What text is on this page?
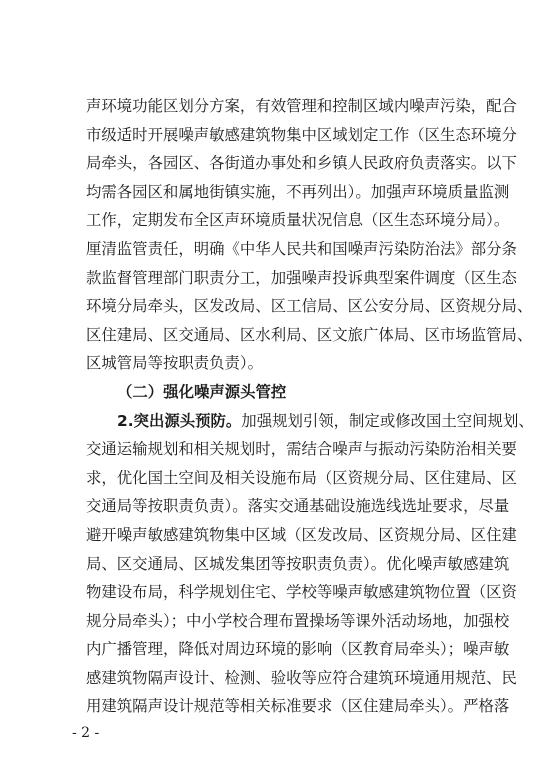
声环境功能区划分方案，有效管理和控制区域内噪声污染，配合
市级适时开展噪声敏感建筑物集中区域划定工作（区生态环境分
局牵头，各园区、各街道办事处和乡镇人民政府负责落实。以下
均需各园区和属地街镇实施，不再列出）。加强声环境质量监测
工作，定期发布全区声环境质量状况信息（区生态环境分局）。
厘清监管责任，明确《中华人民共和国噪声污染防治法》部分条
款监督管理部门职责分工，加强噪声投诉典型案件调度（区生态
环境分局牵头，区发改局、区工信局、区公安分局、区资规分局、
区住建局、区交通局、区水利局、区文旅广体局、区市场监管局、
区城管局等按职责负责）。
（二）强化噪声源头管控
2.突出源头预防。加强规划引领，制定或修改国土空间规划、
交通运输规划和相关规划时，需结合噪声与振动污染防治相关要
求，优化国土空间及相关设施布局（区资规分局、区住建局、区
交通局等按职责负责）。落实交通基础设施选线选址要求，尽量
避开噪声敏感建筑物集中区域（区发改局、区资规分局、区住建
局、区交通局、区城发集团等按职责负责）。优化噪声敏感建筑
物建设布局，科学规划住宅、学校等噪声敏感建筑物位置（区资
规分局牵头）；中小学校合理布置操场等课外活动场地，加强校
内广播管理，降低对周边环境的影响（区教育局牵头）；噪声敏
感建筑物隔声设计、检测、验收等应符合建筑环境通用规范、民
用建筑隔声设计规范等相关标准要求（区住建局牵头）。严格落
- 2 -
